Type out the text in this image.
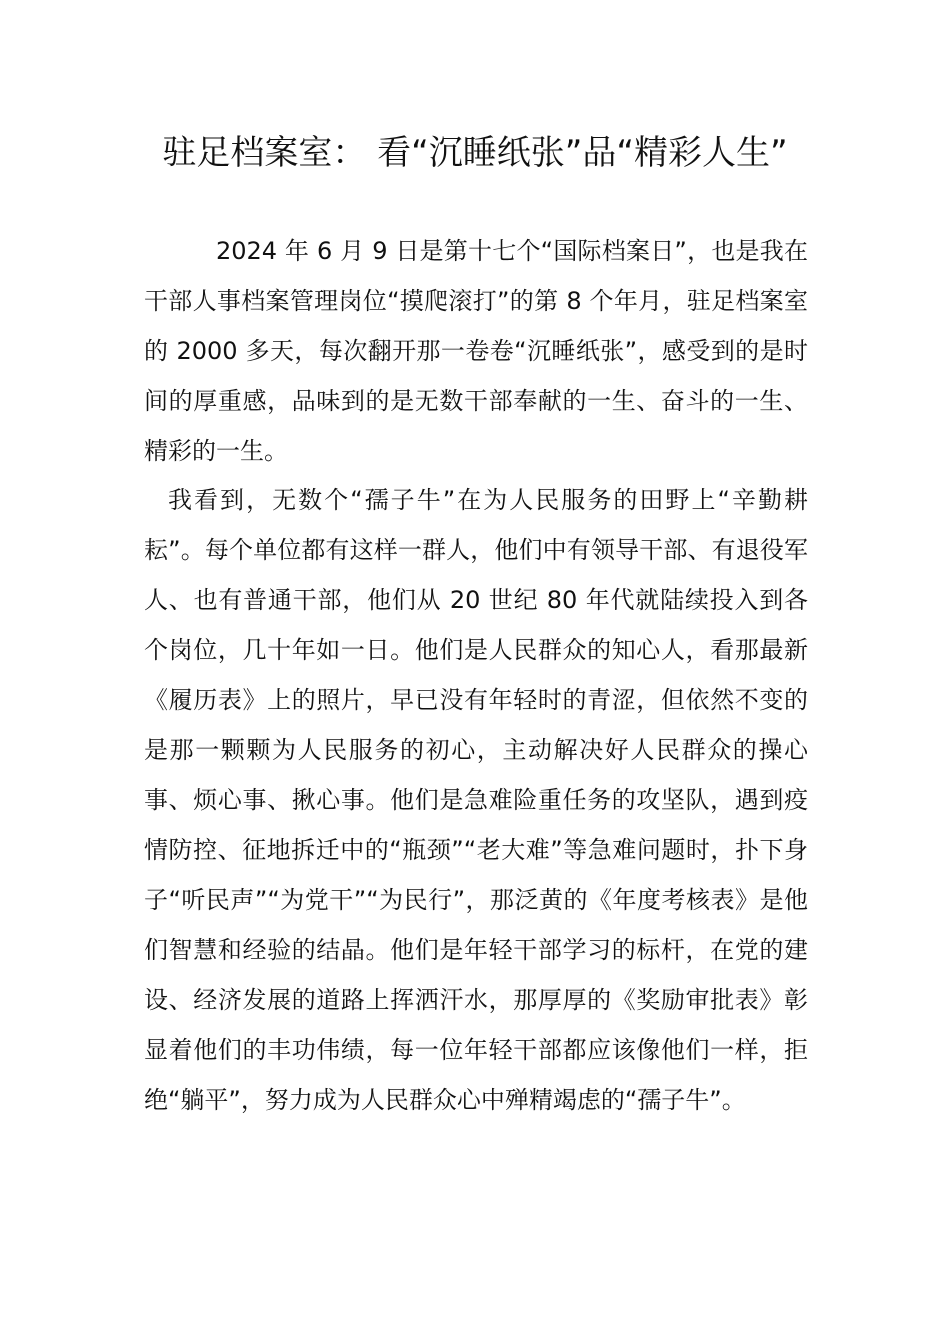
驻足档案室： 看“沉睡纸张”品“精彩人生”

2024 年 6 月 9 日是第十七个“国际档案日”，也是我在干部人事档案管理岗位“摸爬滚打”的第 8 个年月，驻足档案室的 2000 多天，每次翻开那一卷卷“沉睡纸张”，感受到的是时间的厚重感，品味到的是无数干部奉献的一生、奋斗的一生、精彩的一生。

我看到，无数个“孺子牛”在为人民服务的田野上“辛勤耕耘”。每个单位都有这样一群人，他们中有领导干部、有退役军人、也有普通干部，他们从 20 世纪 80 年代就陆续投入到各个岗位，几十年如一日。他们是人民群众的知心人，看那最新《履历表》上的照片，早已没有年轻时的青涩，但依然不变的是那一颗颗为人民服务的初心，主动解决好人民群众的操心事、烦心事、揪心事。他们是急难险重任务的攻坚队，遇到疫情防控、征地拆迁中的“瓶颈”“老大难”等急难问题时，扑下身子“听民声”“为党干”“为民行”，那泛黄的《年度考核表》是他们智慧和经验的结晶。他们是年轻干部学习的标杆，在党的建设、经济发展的道路上挥洒汗水，那厚厚的《奖励审批表》彰显着他们的丰功伟绩，每一位年轻干部都应该像他们一样，拒绝“躺平”，努力成为人民群众心中殚精竭虑的“孺子牛”。
